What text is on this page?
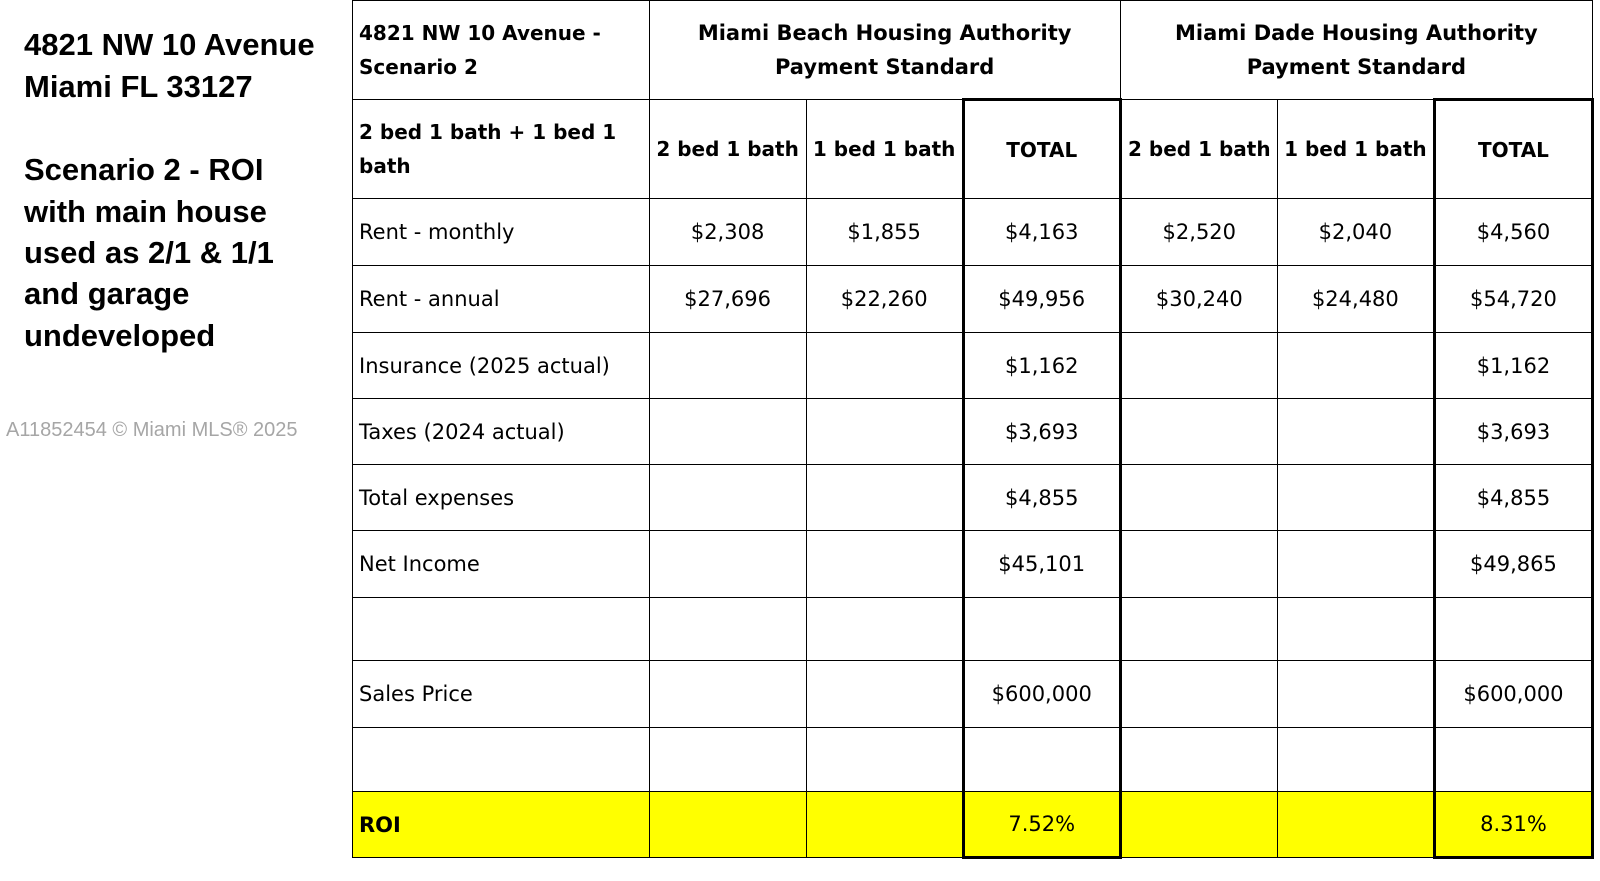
4821 NW 10 Avenue
Miami FL 33127
Scenario 2 - ROI
with main house
used as 2/1 & 1/1
and garage
undeveloped
A11852454 © Miami MLS® 2025
4821 NW 10 Avenue - Scenario 2	Miami Beach Housing Authority Payment Standard			Miami Dade Housing Authority Payment Standard		
2 bed 1 bath + 1 bed 1 bath	2 bed 1 bath	1 bed 1 bath	TOTAL	2 bed 1 bath	1 bed 1 bath	TOTAL
Rent - monthly	$2,308	$1,855	$4,163	$2,520	$2,040	$4,560
Rent - annual	$27,696	$22,260	$49,956	$30,240	$24,480	$54,720
Insurance (2025 actual)			$1,162			$1,162
Taxes (2024 actual)			$3,693			$3,693
Total expenses			$4,855			$4,855
Net Income			$45,101			$49,865

Sales Price			$600,000			$600,000

ROI			7.52%			8.31%
